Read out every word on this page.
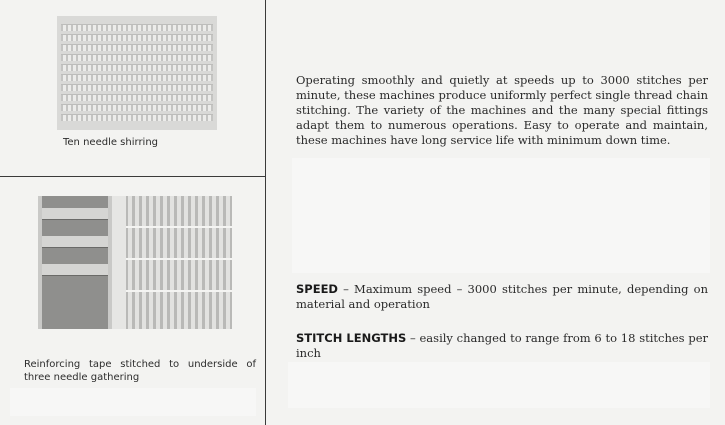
Ten needle shirring
Reinforcing tape stitched to underside of three needle gathering
Operating smoothly and quietly at speeds up to 3000 stitches per minute, these machines produce uniformly perfect single thread chain stitching. The variety of the machines and the many special fittings adapt them to numerous operations. Easy to operate and maintain, these machines have long service life with minimum down time.
SPEED – Maximum speed – 3000 stitches per minute, depending on material and operation
STITCH LENGTHS – easily changed to range from 6 to 18 stitches per inch
